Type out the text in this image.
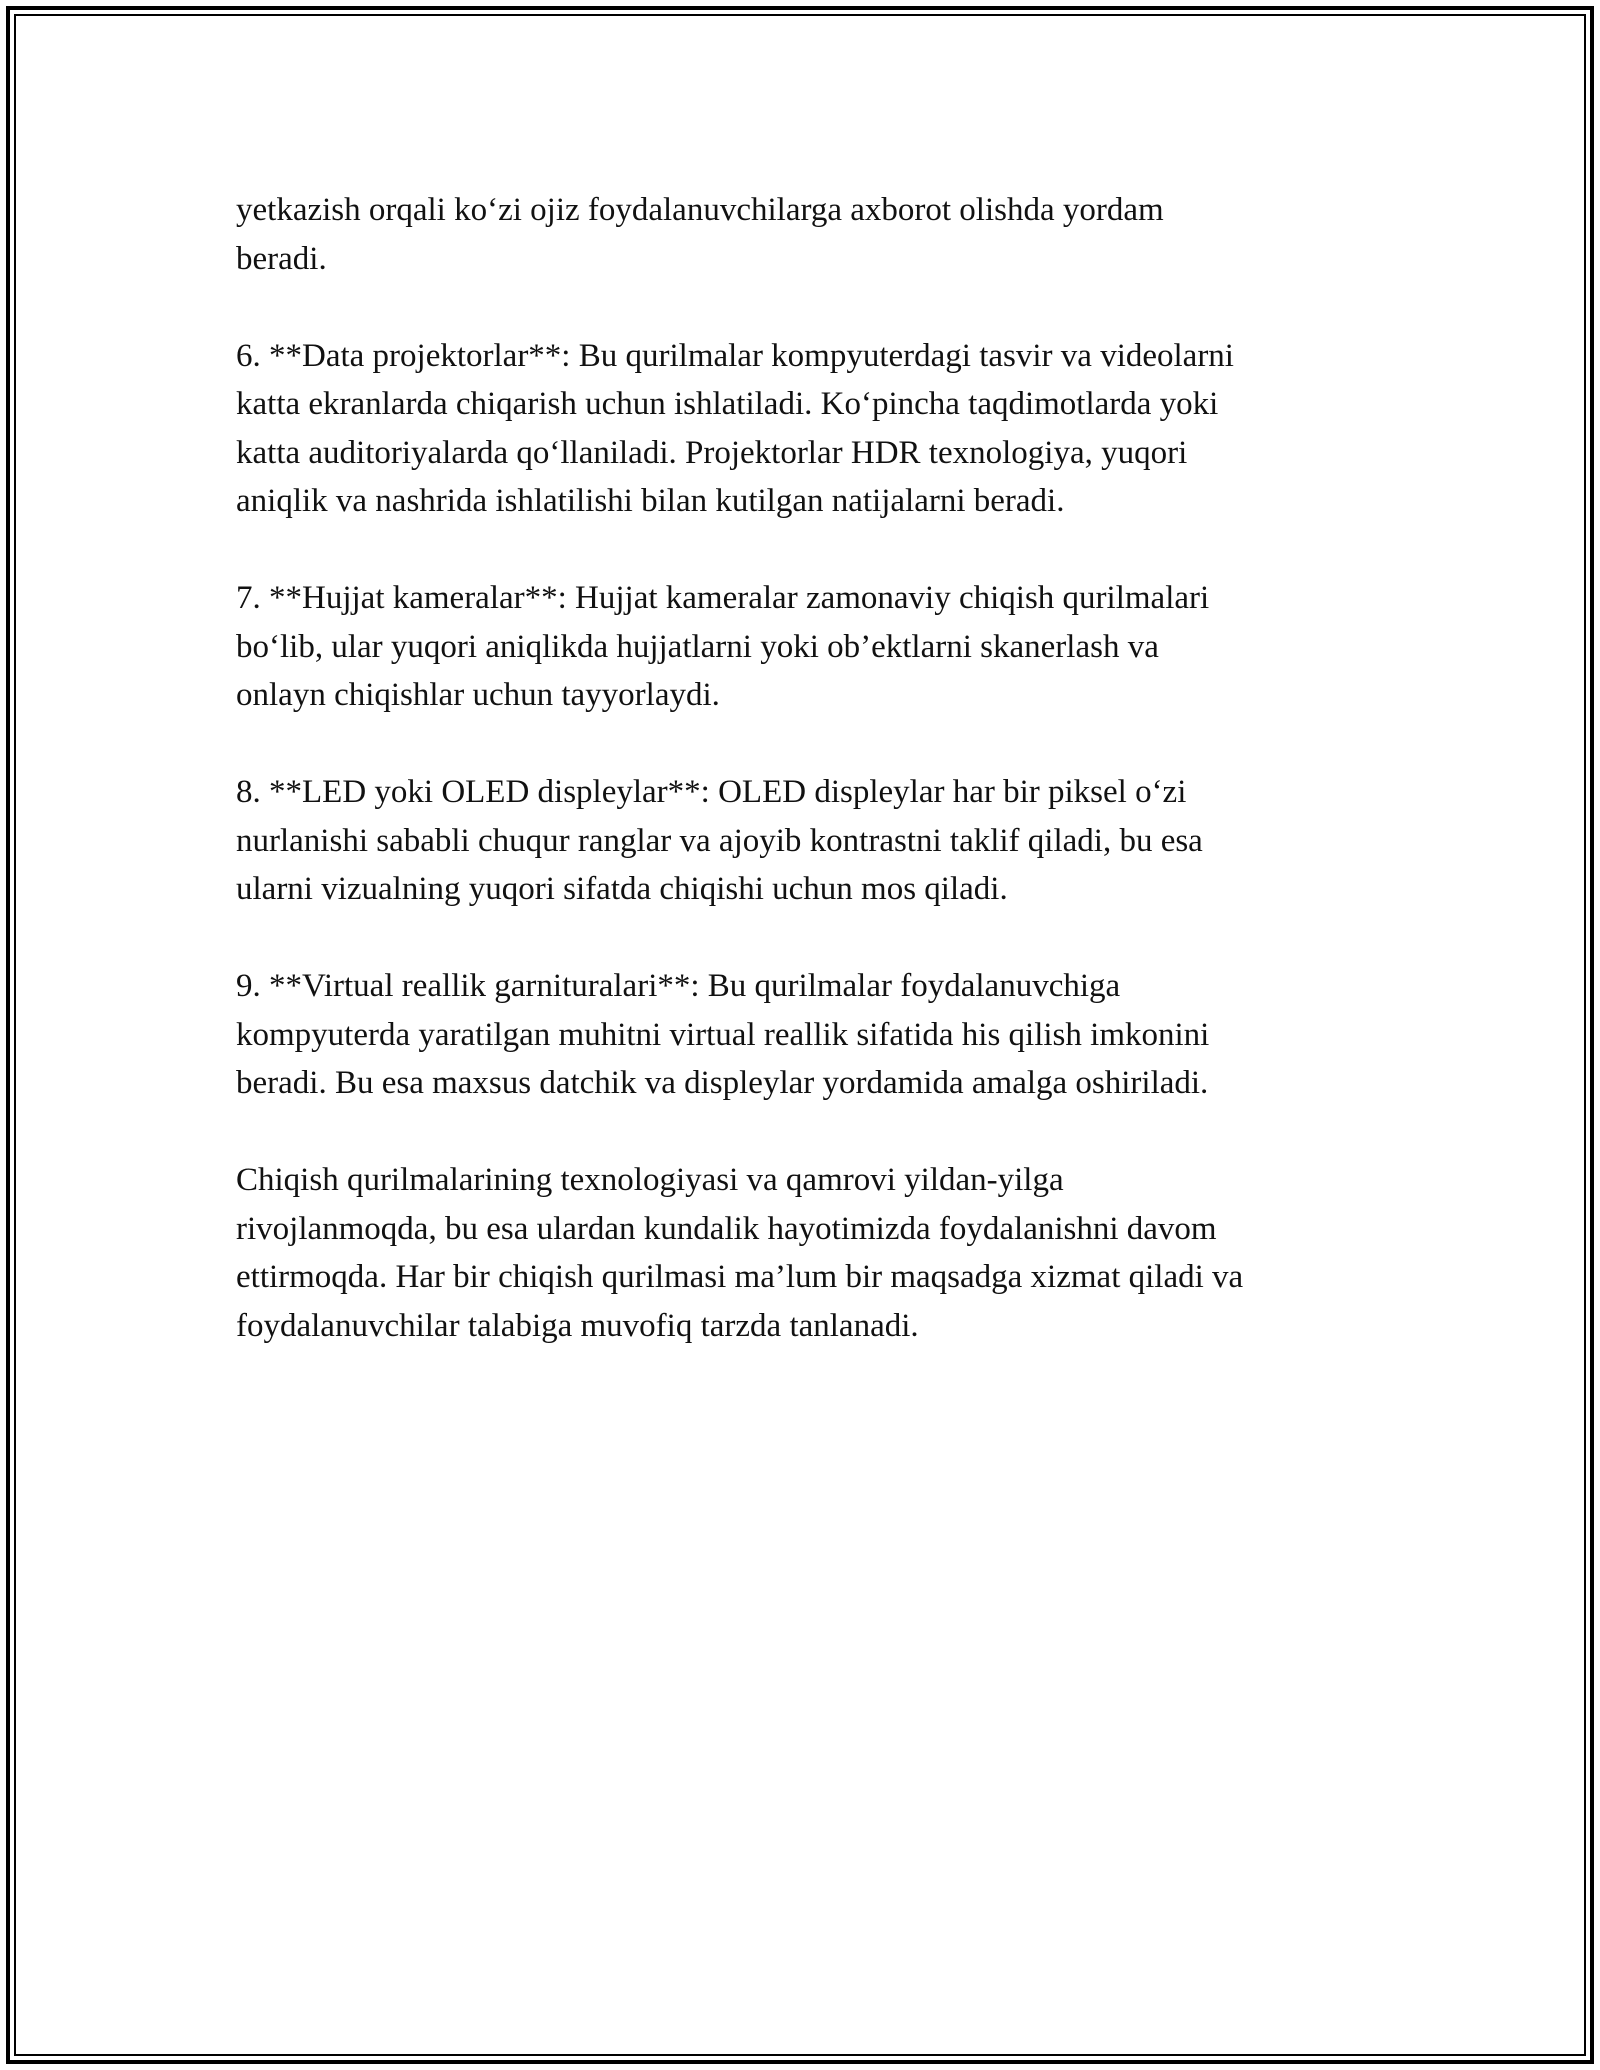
yetkazish orqali ko‘zi ojiz foydalanuvchilarga axborot olishda yordam
beradi.

6. **Data projektorlar**: Bu qurilmalar kompyuterdagi tasvir va videolarni
katta ekranlarda chiqarish uchun ishlatiladi. Ko‘pincha taqdimotlarda yoki
katta auditoriyalarda qo‘llaniladi. Projektorlar HDR texnologiya, yuqori
aniqlik va nashrida ishlatilishi bilan kutilgan natijalarni beradi.

7. **Hujjat kameralar**: Hujjat kameralar zamonaviy chiqish qurilmalari
bo‘lib, ular yuqori aniqlikda hujjatlarni yoki ob’ektlarni skanerlash va
onlayn chiqishlar uchun tayyorlaydi.

8. **LED yoki OLED displeylar**: OLED displeylar har bir piksel o‘zi
nurlanishi sababli chuqur ranglar va ajoyib kontrastni taklif qiladi, bu esa
ularni vizualning yuqori sifatda chiqishi uchun mos qiladi.

9. **Virtual reallik garnituralari**: Bu qurilmalar foydalanuvchiga
kompyuterda yaratilgan muhitni virtual reallik sifatida his qilish imkonini
beradi. Bu esa maxsus datchik va displeylar yordamida amalga oshiriladi.

Chiqish qurilmalarining texnologiyasi va qamrovi yildan-yilga
rivojlanmoqda, bu esa ulardan kundalik hayotimizda foydalanishni davom
ettirmoqda. Har bir chiqish qurilmasi ma’lum bir maqsadga xizmat qiladi va
foydalanuvchilar talabiga muvofiq tarzda tanlanadi.
